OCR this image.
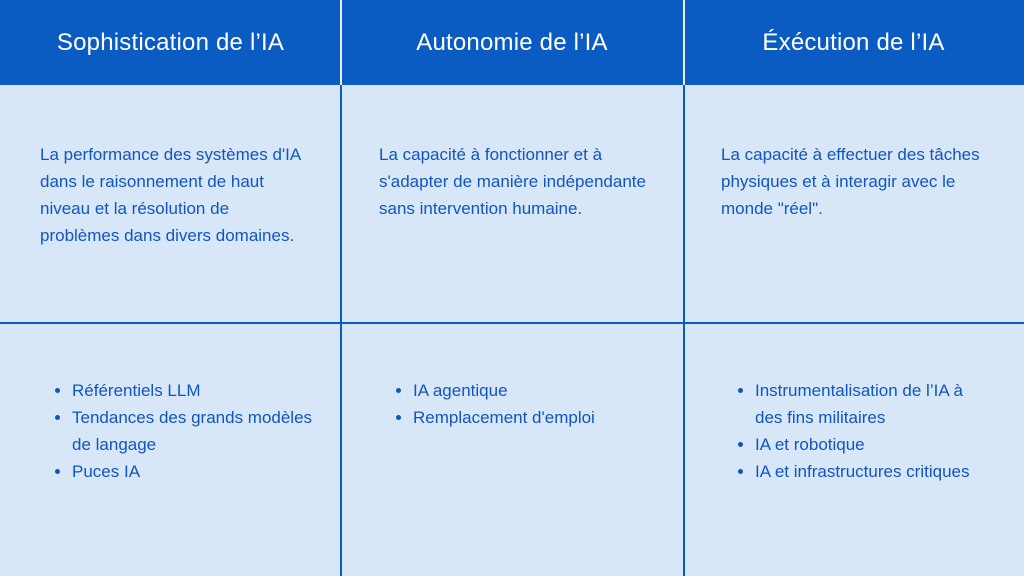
Sophistication de l’IA	Autonomie de l’IA	Éxécution de l’IA
La performance des systèmes d'IA dans le raisonnement de haut niveau et la résolution de problèmes dans divers domaines.
La capacité à fonctionner et à s'adapter de manière indépendante sans intervention humaine.
La capacité à effectuer des tâches physiques et à interagir avec le monde "réel".
Référentiels LLM
Tendances des grands modèles de langage
Puces IA
IA agentique
Remplacement d'emploi
Instrumentalisation de l’IA à des fins militaires
IA et robotique
IA et infrastructures critiques
